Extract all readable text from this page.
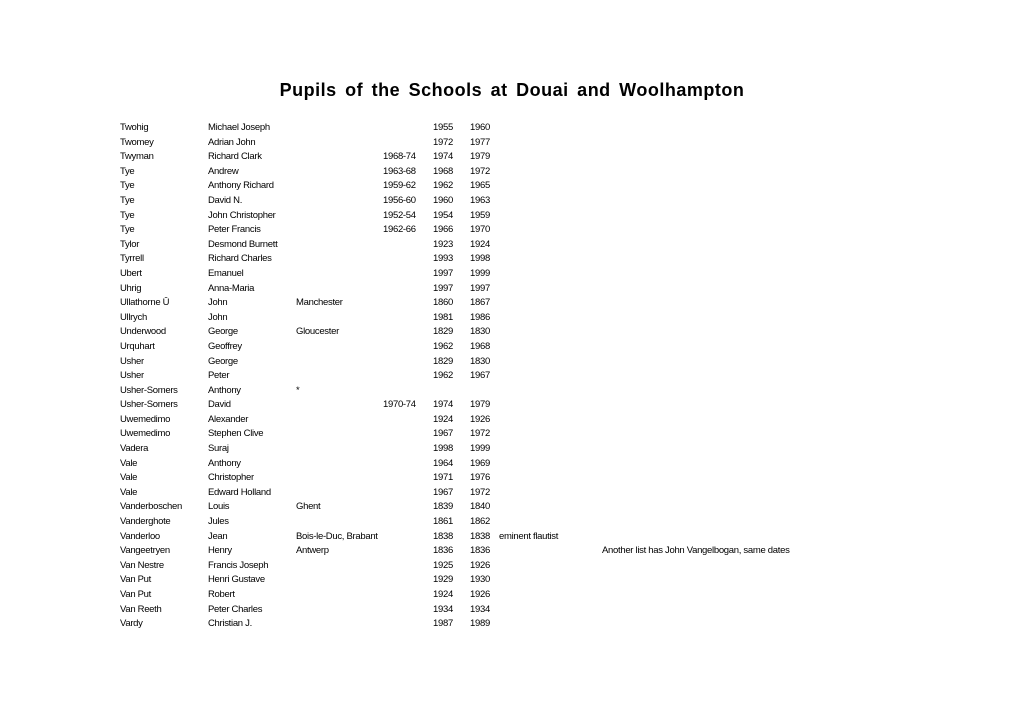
Pupils of the Schools at Douai and Woolhampton
Twohig	Michael Joseph	1955 1960
Twomey	Adrian John	1972 1977
Twyman	Richard Clark	1968-74 1974 1979
Tye	Andrew	1963-68 1968 1972
Tye	Anthony Richard	1959-62 1962 1965
Tye	David N.	1956-60 1960 1963
Tye	John Christopher	1952-54 1954 1959
Tye	Peter Francis	1962-66 1966 1970
Tylor	Desmond Burnett	1923 1924
Tyrrell	Richard Charles	1993 1998
Ubert	Emanuel	1997 1999
Uhrig	Anna-Maria	1997 1997
Ullathorne Ū	John	Manchester	1860 1867
Ullrych	John	1981 1986
Underwood	George	Gloucester	1829 1830
Urquhart	Geoffrey	1962 1968
Usher	George	1829 1830
Usher	Peter	1962 1967
Usher-Somers	Anthony	*
Usher-Somers	David	1970-74 1974 1979
Uwemedimo	Alexander	1924 1926
Uwemedimo	Stephen Clive	1967 1972
Vadera	Suraj	1998 1999
Vale	Anthony	1964 1969
Vale	Christopher	1971 1976
Vale	Edward Holland	1967 1972
Vanderboschen	Louis	Ghent	1839 1840
Vanderghote	Jules	1861 1862
Vanderloo	Jean	Bois-le-Duc, Brabant	1838 1838 eminent flautist
Vangeetryen	Henry	Antwerp	1836 1836	Another list has John Vangelbogan, same dates
Van Nestre	Francis Joseph	1925 1926
Van Put	Henri Gustave	1929 1930
Van Put	Robert	1924 1926
Van Reeth	Peter Charles	1934 1934
Vardy	Christian J.	1987 1989
